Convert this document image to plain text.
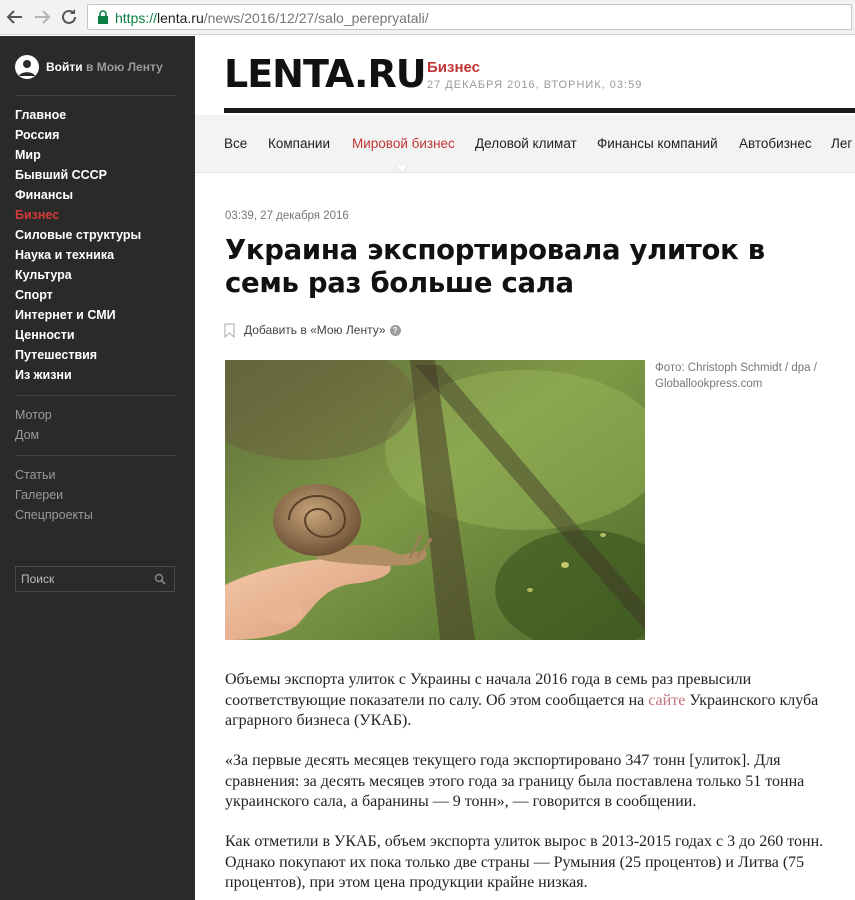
https://lenta.ru/news/2016/12/27/salo_perepryatali/
Войти в Мою Ленту
Главное
Россия
Мир
Бывший СССР
Финансы
Бизнес
Силовые структуры
Наука и техника
Культура
Спорт
Интернет и СМИ
Ценности
Путешествия
Из жизни
Мотор
Дом
Статьи
Галереи
Спецпроекты
Поиск
LENTA.RU Бизнес
27 ДЕКАБРЯ 2016, ВТОРНИК, 03:59
Все Компании Мировой бизнес Деловой климат Финансы компаний Автобизнес Лег
03:39, 27 декабря 2016
Украина экспортировала улиток в семь раз больше сала
Добавить в «Мою Ленту» ?
Фото: Christoph Schmidt / dpa / Globallookpress.com

Объемы экспорта улиток с Украины с начала 2016 года в семь раз превысили соответствующие показатели по салу. Об этом сообщается на сайте Украинского клуба аграрного бизнеса (УКАБ).

«За первые десять месяцев текущего года экспортировано 347 тонн [улиток]. Для сравнения: за десять месяцев этого года за границу была поставлена только 51 тонна украинского сала, а баранины — 9 тонн», — говорится в сообщении.

Как отметили в УКАБ, объем экспорта улиток вырос в 2013-2015 годах с 3 до 260 тонн. Однако покупают их пока только две страны — Румыния (25 процентов) и Литва (75 процентов), при этом цена продукции крайне низкая.
